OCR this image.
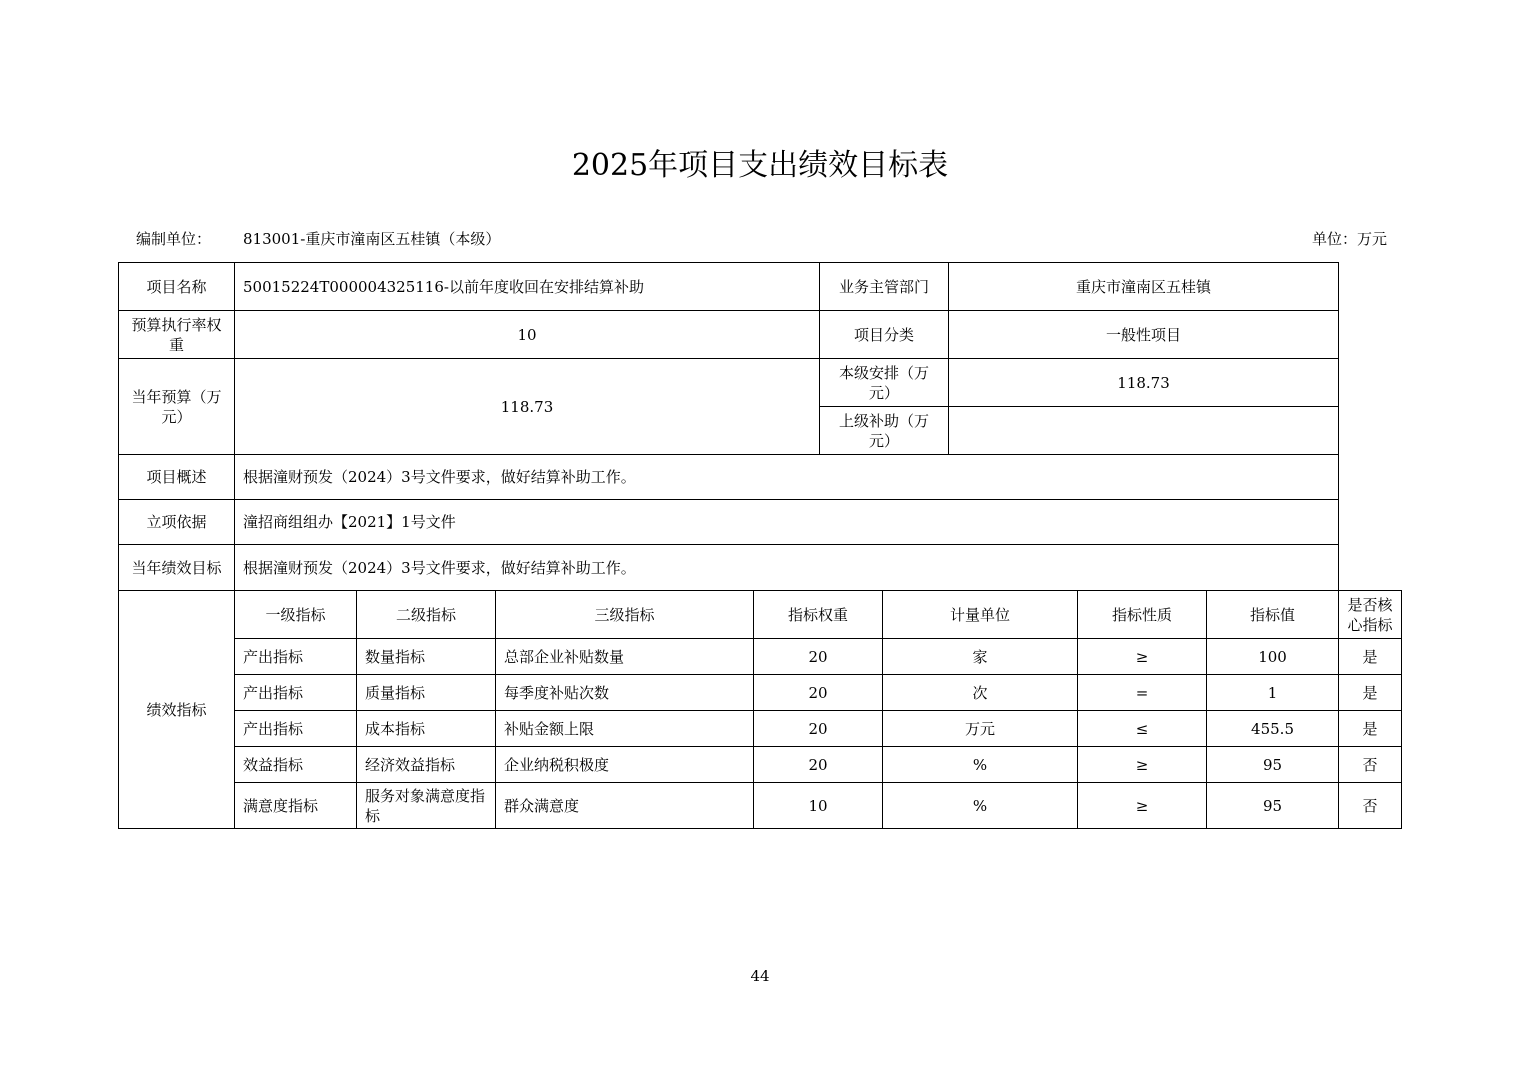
2025年项目支出绩效目标表
编制单位： 813001-重庆市潼南区五桂镇（本级）	单位：万元
项目名称	50015224T000004325116-以前年度收回在安排结算补助				业务主管部门		重庆市潼南区五桂镇			
预算执行率权重	10				项目分类		一般性项目			
当年预算（万元）	118.73				本级安排（万元）		118.73			
					上级补助（万元）					
项目概述	根据潼财预发（2024）3号文件要求，做好结算补助工作。									
立项依据	潼招商组组办【2021】1号文件									
当年绩效目标	根据潼财预发（2024）3号文件要求，做好结算补助工作。									
绩效指标	一级指标	二级指标	三级指标	指标权重		计量单位		指标性质	指标值	是否核心指标
	产出指标	数量指标	总部企业补贴数量	20		家		≥	100	是
	产出指标	质量指标	每季度补贴次数	20		次		=	1	是
	产出指标	成本指标	补贴金额上限	20		万元		≤	455.5	是
	效益指标	经济效益指标	企业纳税积极度	20		%		≥	95	否
	满意度指标	服务对象满意度指标	群众满意度	10		%		≥	95	否
44
